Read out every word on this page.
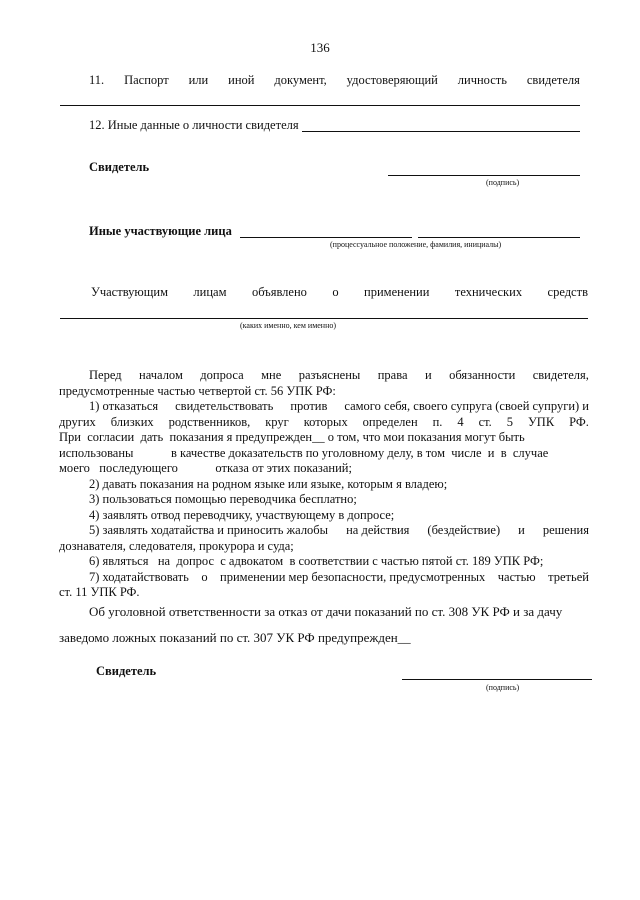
136
11. Паспорт или иной документ, удостоверяющий личность свидетеля
12. Иные данные о личности свидетеля
Свидетель
(подпись)
Иные участвующие лица
(процессуальное положение, фамилия, инициалы)
Участвующим лицам объявлено о применении технических средств
(каких именно, кем именно)
Перед началом допроса мне разъяснены права и обязанности свидетеля,
предусмотренные частью четвертой ст. 56 УПК РФ:
1) отказаться свидетельствовать против самого себя, своего супруга (своей супруги) и
других близких родственников, круг которых определен п. 4 ст. 5 УПК РФ.
При  согласии  дать  показания я предупрежден__ о том, что мои показания могут быть
использованы            в качестве доказательств по уголовному делу, в том  числе  и  в  случае
моего   последующего            отказа от этих показаний;
2) давать показания на родном языке или языке, которым я владею;
3) пользоваться помощью переводчика бесплатно;
4) заявлять отвод переводчику, участвующему в допросе;
5) заявлять ходатайства и приносить жалобы на действия (бездействие) и решения
дознавателя, следователя, прокурора и суда;
6) являться   на  допрос  с адвокатом  в соответствии с частью пятой ст. 189 УПК РФ;
7) ходатайствовать о применении мер безопасности, предусмотренных частью третьей
ст. 11 УПК РФ.
Об уголовной ответственности за отказ от дачи показаний по ст. 308 УК РФ и за дачу
заведомо ложных показаний по ст. 307 УК РФ предупрежден__
Свидетель
(подпись)
